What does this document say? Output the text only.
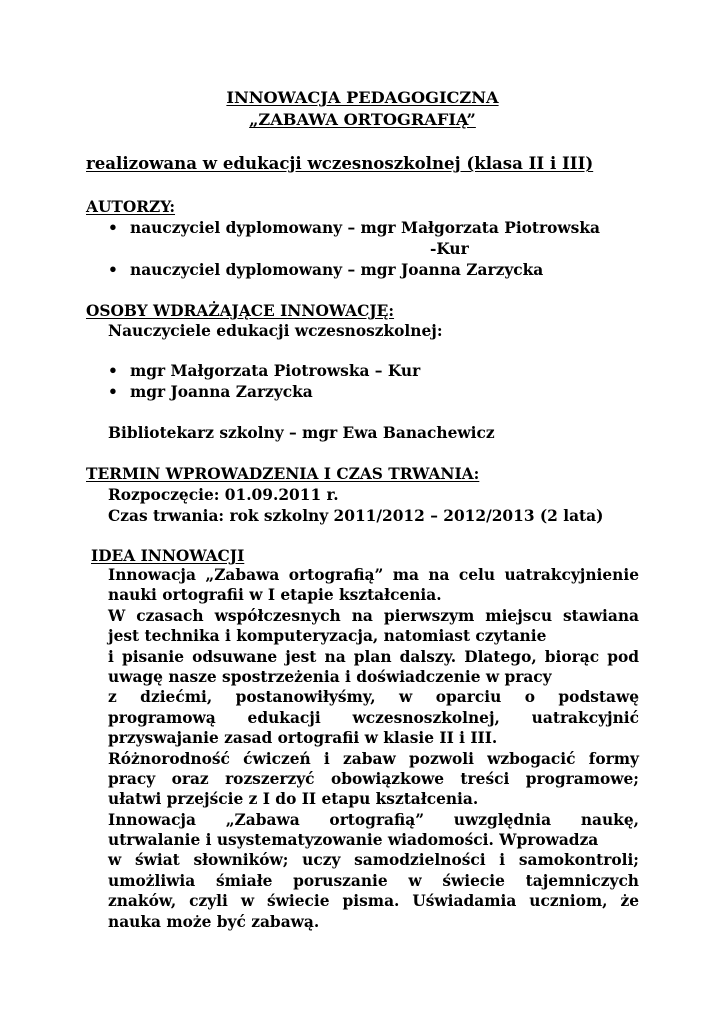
INNOWACJA PEDAGOGICZNA
„ZABAWA ORTOGRAFIĄ”
realizowana w edukacji wczesnoszkolnej (klasa II i III)
AUTORZY:
• nauczyciel dyplomowany – mgr Małgorzata Piotrowska
-Kur
• nauczyciel dyplomowany – mgr Joanna Zarzycka
OSOBY WDRAŻAJĄCE INNOWACJĘ:
Nauczyciele edukacji wczesnoszkolnej:
• mgr Małgorzata Piotrowska – Kur
• mgr Joanna Zarzycka
Bibliotekarz szkolny – mgr Ewa Banachewicz
TERMIN WPROWADZENIA I CZAS TRWANIA:
Rozpoczęcie: 01.09.2011 r.
Czas trwania: rok szkolny 2011/2012 – 2012/2013 (2 lata)
IDEA INNOWACJI
Innowacja „Zabawa ortografią” ma na celu uatrakcyjnienie
nauki ortografii w I etapie kształcenia.
W czasach współczesnych na pierwszym miejscu stawiana
jest technika i komputeryzacja, natomiast czytanie
i pisanie odsuwane jest na plan dalszy. Dlatego, biorąc pod
uwagę nasze spostrzeżenia i doświadczenie w pracy
z dziećmi, postanowiłyśmy, w oparciu o podstawę
programową edukacji wczesnoszkolnej, uatrakcyjnić
przyswajanie zasad ortografii w klasie II i III.
Różnorodność ćwiczeń i zabaw pozwoli wzbogacić formy
pracy oraz rozszerzyć obowiązkowe treści programowe;
ułatwi przejście z I do II etapu kształcenia.
Innowacja „Zabawa ortografią” uwzględnia naukę,
utrwalanie i usystematyzowanie wiadomości. Wprowadza
w świat słowników; uczy samodzielności i samokontroli;
umożliwia śmiałe poruszanie w świecie tajemniczych
znaków, czyli w świecie pisma. Uświadamia uczniom, że
nauka może być zabawą.
